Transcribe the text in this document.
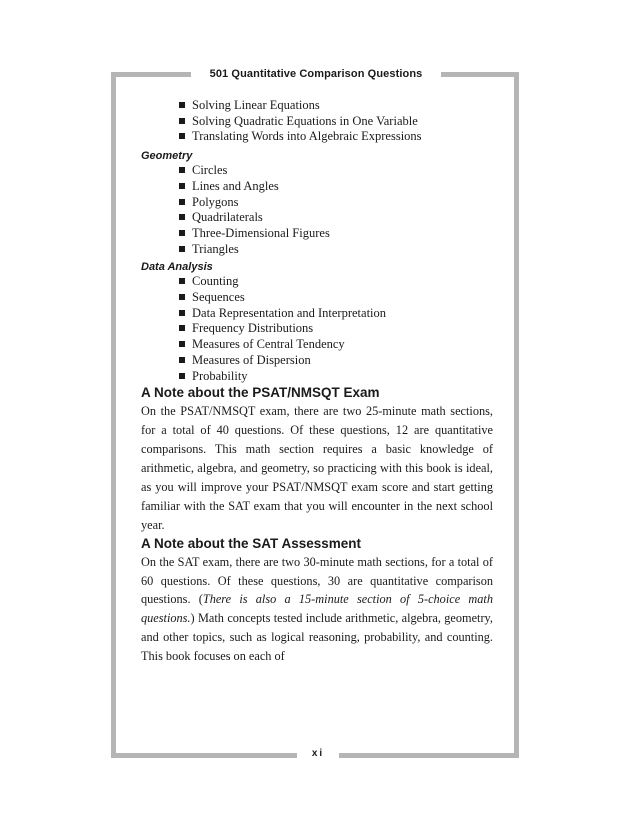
501 Quantitative Comparison Questions
Solving Linear Equations
Solving Quadratic Equations in One Variable
Translating Words into Algebraic Expressions
Geometry
Circles
Lines and Angles
Polygons
Quadrilaterals
Three-Dimensional Figures
Triangles
Data Analysis
Counting
Sequences
Data Representation and Interpretation
Frequency Distributions
Measures of Central Tendency
Measures of Dispersion
Probability
A Note about the PSAT/NMSQT Exam

On the PSAT/NMSQT exam, there are two 25-minute math sections, for a total of 40 questions. Of these questions, 12 are quantitative comparisons. This math section requires a basic knowledge of arithmetic, algebra, and geometry, so practicing with this book is ideal, as you will improve your PSAT/NMSQT exam score and start getting familiar with the SAT exam that you will encounter in the next school year.

A Note about the SAT Assessment

On the SAT exam, there are two 30-minute math sections, for a total of 60 questions. Of these questions, 30 are quantitative comparison questions. (There is also a 15-minute section of 5-choice math questions.) Math concepts tested include arithmetic, algebra, geometry, and other topics, such as logical reasoning, probability, and counting. This book focuses on each of

xi
